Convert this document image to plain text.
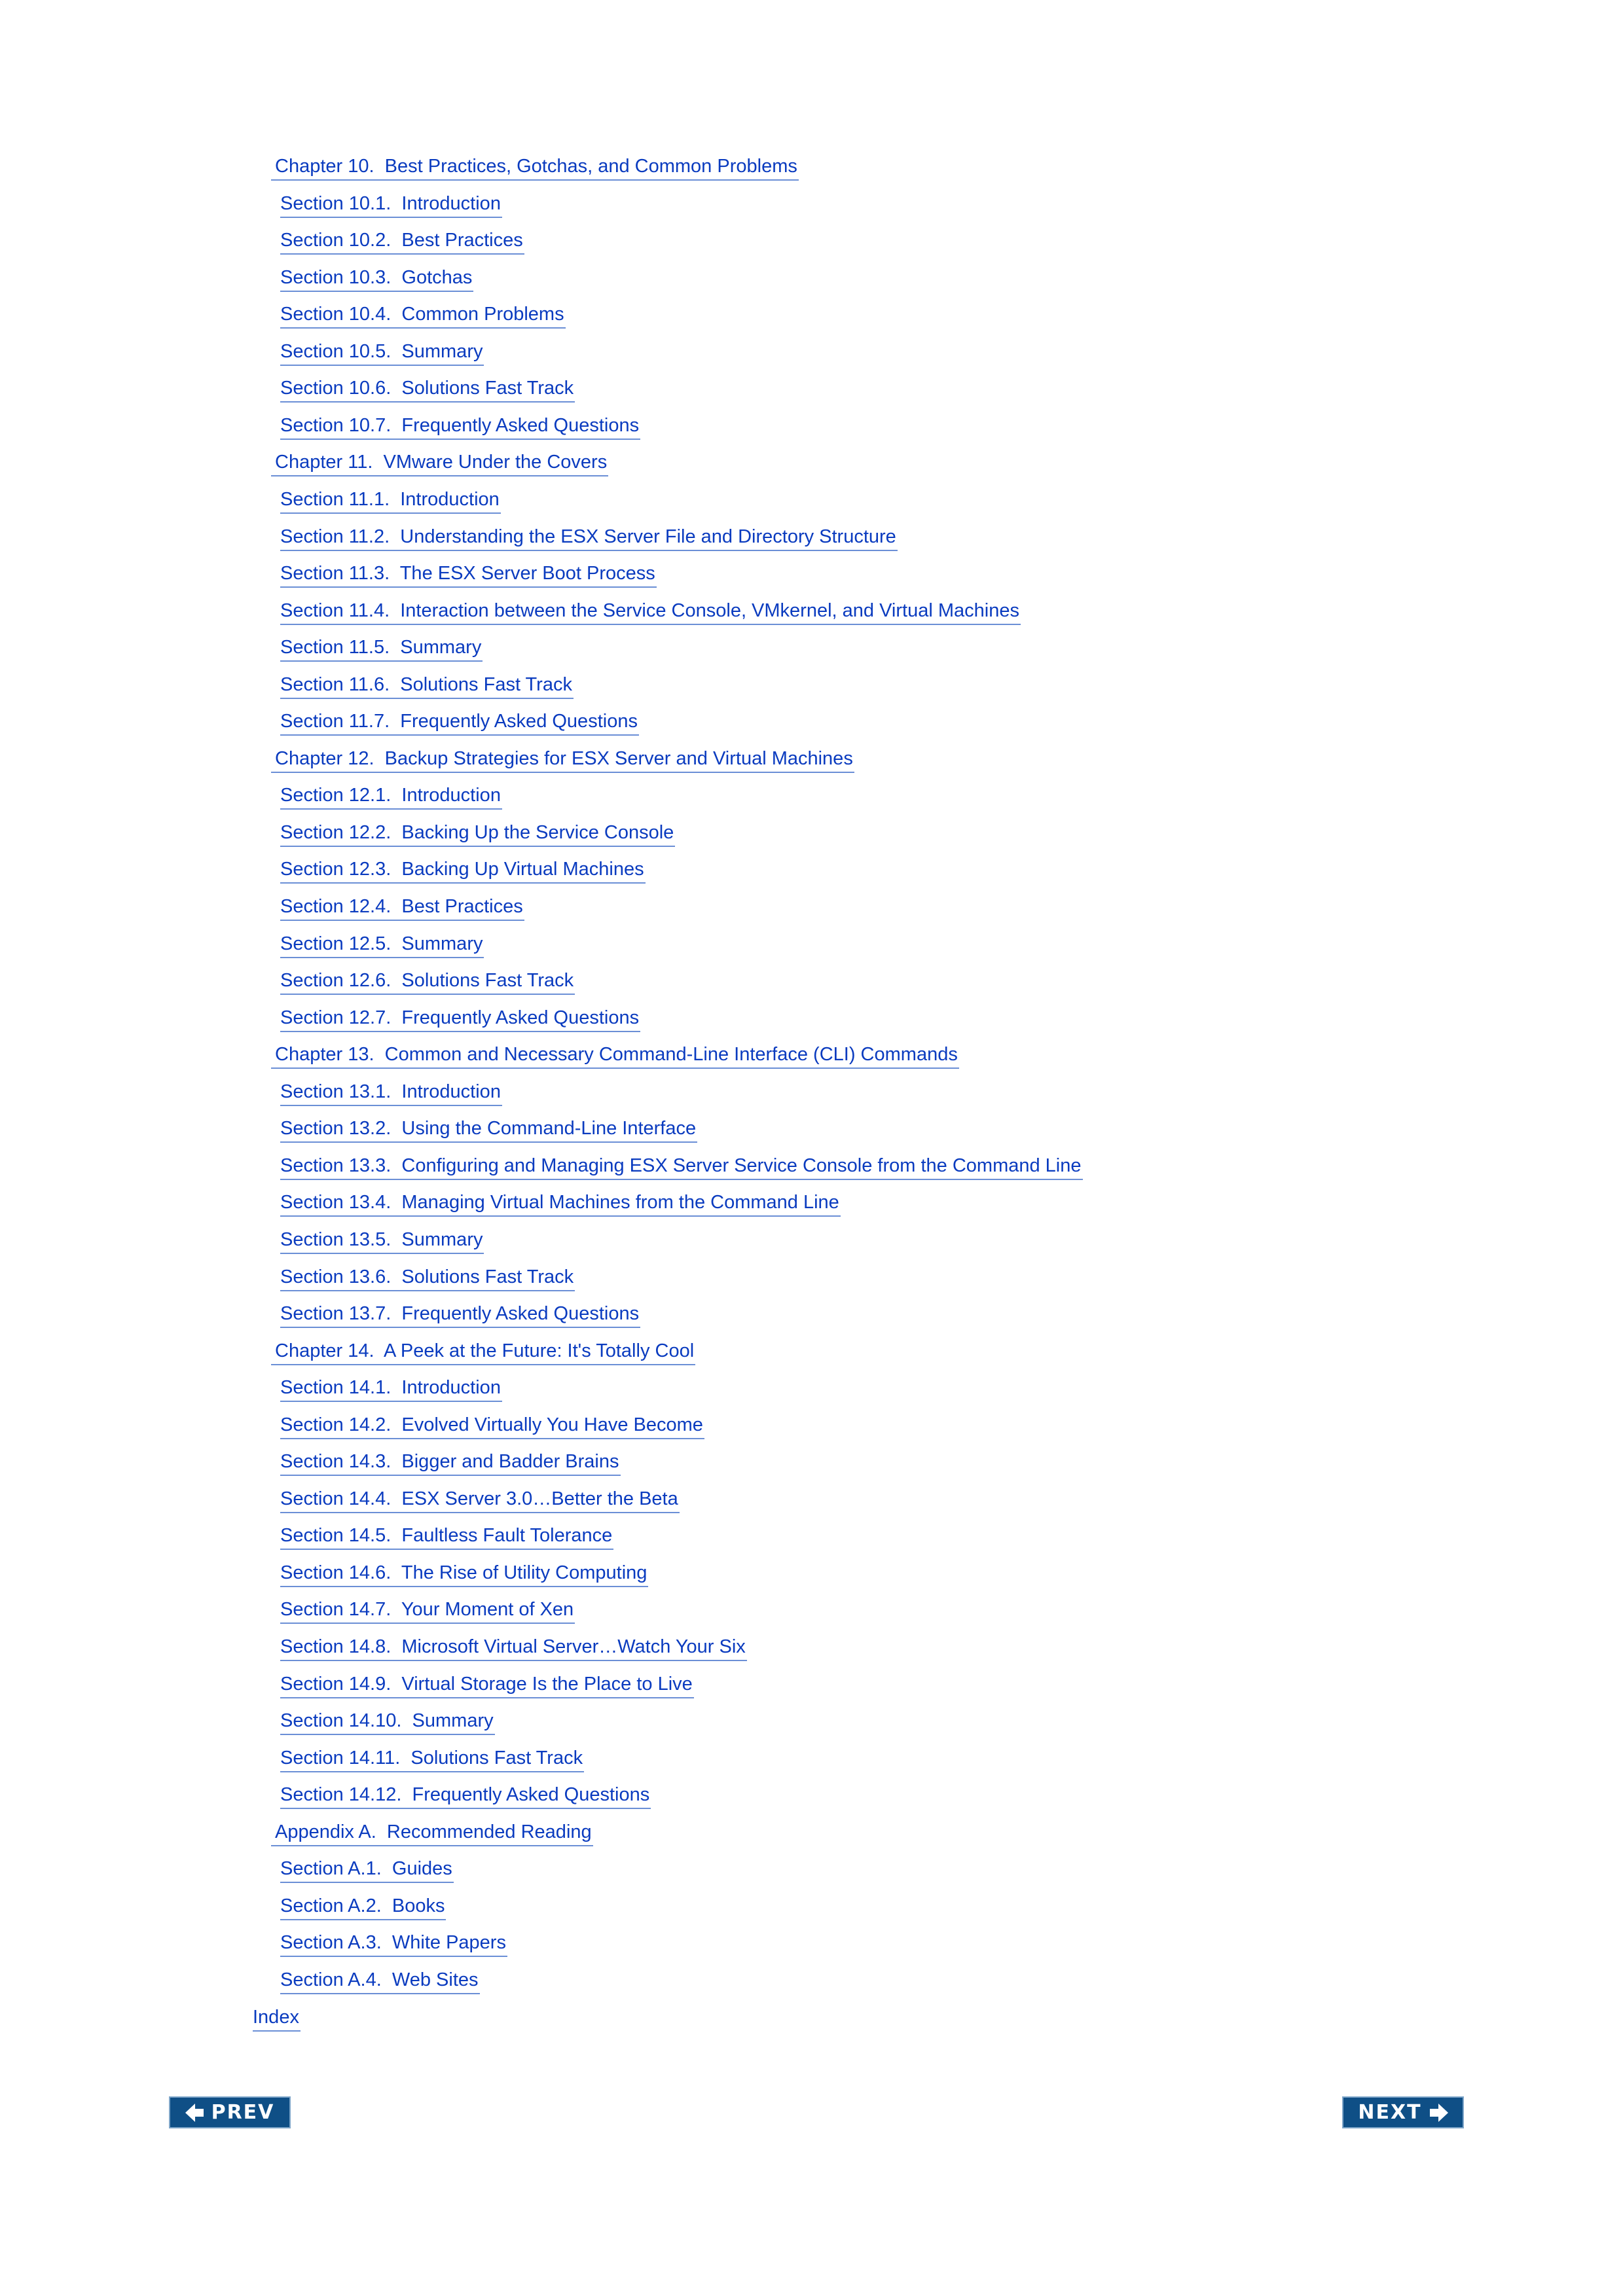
Chapter 10.  Best Practices, Gotchas, and Common Problems
Section 10.1.  Introduction
Section 10.2.  Best Practices
Section 10.3.  Gotchas
Section 10.4.  Common Problems
Section 10.5.  Summary
Section 10.6.  Solutions Fast Track
Section 10.7.  Frequently Asked Questions
Chapter 11.  VMware Under the Covers
Section 11.1.  Introduction
Section 11.2.  Understanding the ESX Server File and Directory Structure
Section 11.3.  The ESX Server Boot Process
Section 11.4.  Interaction between the Service Console, VMkernel, and Virtual Machines
Section 11.5.  Summary
Section 11.6.  Solutions Fast Track
Section 11.7.  Frequently Asked Questions
Chapter 12.  Backup Strategies for ESX Server and Virtual Machines
Section 12.1.  Introduction
Section 12.2.  Backing Up the Service Console
Section 12.3.  Backing Up Virtual Machines
Section 12.4.  Best Practices
Section 12.5.  Summary
Section 12.6.  Solutions Fast Track
Section 12.7.  Frequently Asked Questions
Chapter 13.  Common and Necessary Command-Line Interface (CLI) Commands
Section 13.1.  Introduction
Section 13.2.  Using the Command-Line Interface
Section 13.3.  Configuring and Managing ESX Server Service Console from the Command Line
Section 13.4.  Managing Virtual Machines from the Command Line
Section 13.5.  Summary
Section 13.6.  Solutions Fast Track
Section 13.7.  Frequently Asked Questions
Chapter 14.  A Peek at the Future: It's Totally Cool
Section 14.1.  Introduction
Section 14.2.  Evolved Virtually You Have Become
Section 14.3.  Bigger and Badder Brains
Section 14.4.  ESX Server 3.0…Better the Beta
Section 14.5.  Faultless Fault Tolerance
Section 14.6.  The Rise of Utility Computing
Section 14.7.  Your Moment of Xen
Section 14.8.  Microsoft Virtual Server…Watch Your Six
Section 14.9.  Virtual Storage Is the Place to Live
Section 14.10.  Summary
Section 14.11.  Solutions Fast Track
Section 14.12.  Frequently Asked Questions
Appendix A.  Recommended Reading
Section A.1.  Guides
Section A.2.  Books
Section A.3.  White Papers
Section A.4.  Web Sites
Index
PREV	NEXT
